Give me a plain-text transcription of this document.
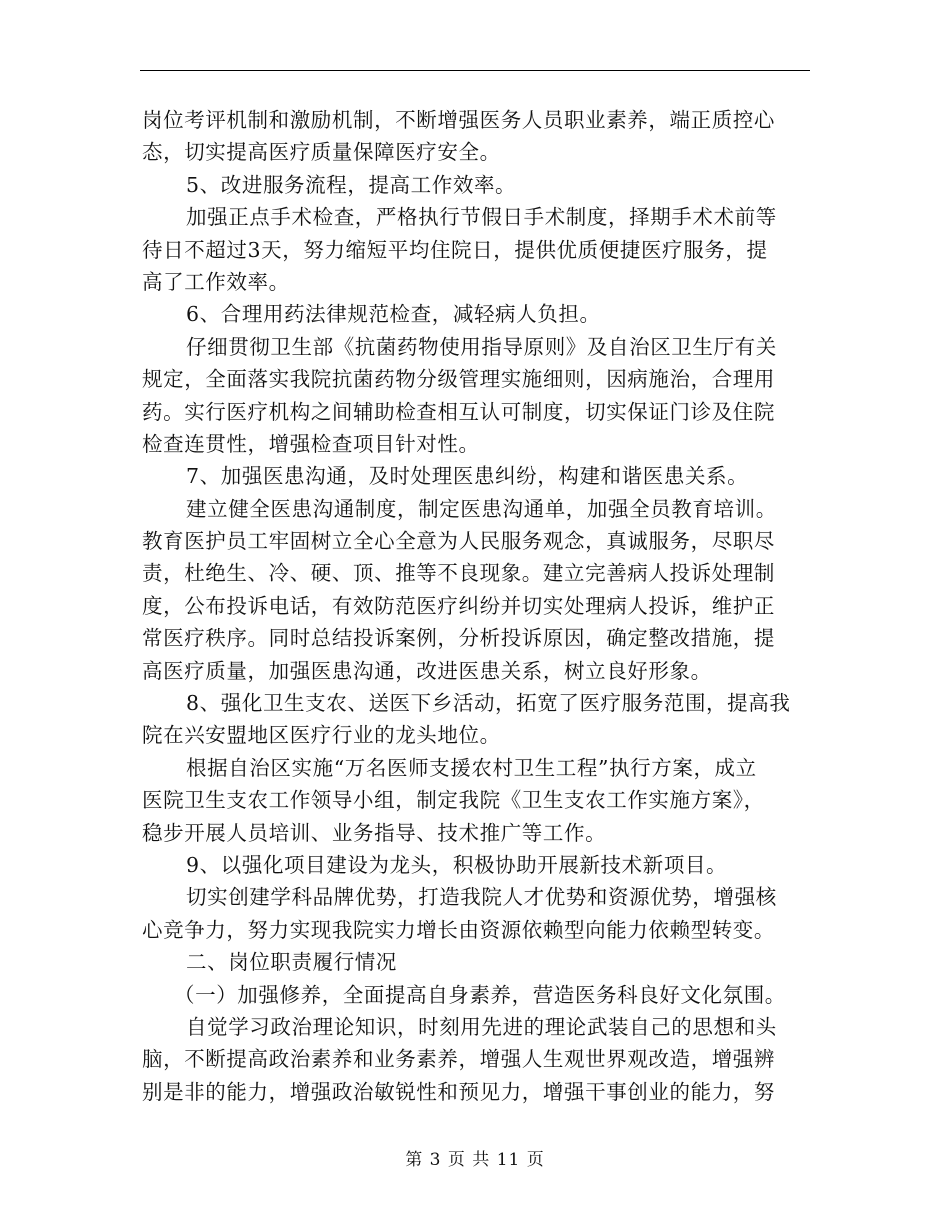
岗位考评机制和激励机制，不断增强医务人员职业素养，端正质控心
态，切实提高医疗质量保障医疗安全。
5、改进服务流程，提高工作效率。
加强正点手术检查，严格执行节假日手术制度，择期手术术前等
待日不超过3天，努力缩短平均住院日，提供优质便捷医疗服务，提
高了工作效率。
6、合理用药法律规范检查，减轻病人负担。
仔细贯彻卫生部《抗菌药物使用指导原则》及自治区卫生厅有关
规定，全面落实我院抗菌药物分级管理实施细则，因病施治，合理用
药。实行医疗机构之间辅助检查相互认可制度，切实保证门诊及住院
检查连贯性，增强检查项目针对性。
7、加强医患沟通，及时处理医患纠纷，构建和谐医患关系。
建立健全医患沟通制度，制定医患沟通单，加强全员教育培训。
教育医护员工牢固树立全心全意为人民服务观念，真诚服务，尽职尽
责，杜绝生、冷、硬、顶、推等不良现象。建立完善病人投诉处理制
度，公布投诉电话，有效防范医疗纠纷并切实处理病人投诉，维护正
常医疗秩序。同时总结投诉案例，分析投诉原因，确定整改措施，提
高医疗质量，加强医患沟通，改进医患关系，树立良好形象。
8、强化卫生支农、送医下乡活动，拓宽了医疗服务范围，提高我
院在兴安盟地区医疗行业的龙头地位。
根据自治区实施“万名医师支援农村卫生工程”执行方案，成立
医院卫生支农工作领导小组，制定我院《卫生支农工作实施方案》，
稳步开展人员培训、业务指导、技术推广等工作。
9、以强化项目建设为龙头，积极协助开展新技术新项目。
切实创建学科品牌优势，打造我院人才优势和资源优势，增强核
心竞争力，努力实现我院实力增长由资源依赖型向能力依赖型转变。
二、岗位职责履行情况
（一）加强修养，全面提高自身素养，营造医务科良好文化氛围。
自觉学习政治理论知识，时刻用先进的理论武装自己的思想和头
脑，不断提高政治素养和业务素养，增强人生观世界观改造，增强辨
别是非的能力，增强政治敏锐性和预见力，增强干事创业的能力，努
第 3 页 共 11 页
